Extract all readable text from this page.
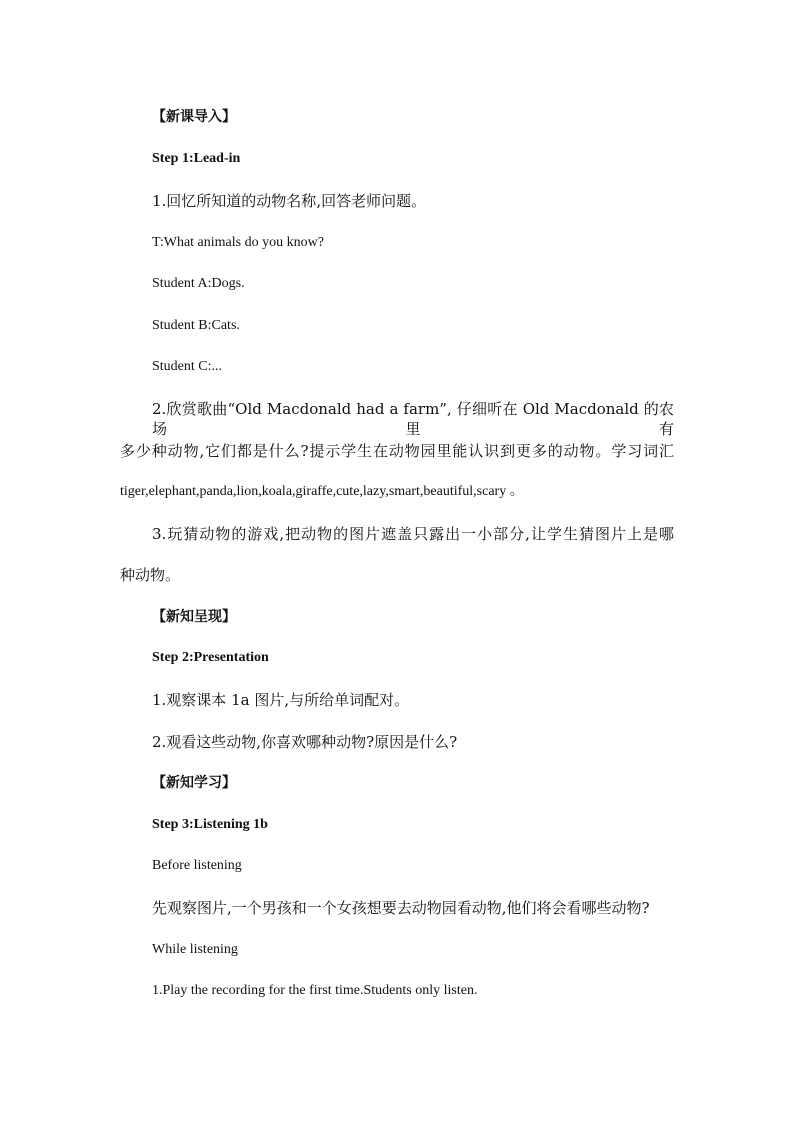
【新课导入】
Step 1:Lead-in
1.回忆所知道的动物名称,回答老师问题。
T:What animals do you know?
Student A:Dogs.
Student B:Cats.
Student C:...
2.欣赏歌曲“Old Macdonald had a farm”, 仔细听在 Old Macdonald 的农场里有
多少种动物,它们都是什么?提示学生在动物园里能认识到更多的动物。学习词汇
tiger,elephant,panda,lion,koala,giraffe,cute,lazy,smart,beautiful,scary 。
3.玩猜动物的游戏,把动物的图片遮盖只露出一小部分,让学生猜图片上是哪
种动物。
【新知呈现】
Step 2:Presentation
1.观察课本 1a 图片,与所给单词配对。
2.观看这些动物,你喜欢哪种动物?原因是什么?
【新知学习】
Step 3:Listening 1b
Before listening
先观察图片,一个男孩和一个女孩想要去动物园看动物,他们将会看哪些动物?
While listening
1.Play the recording for the first time.Students only listen.
